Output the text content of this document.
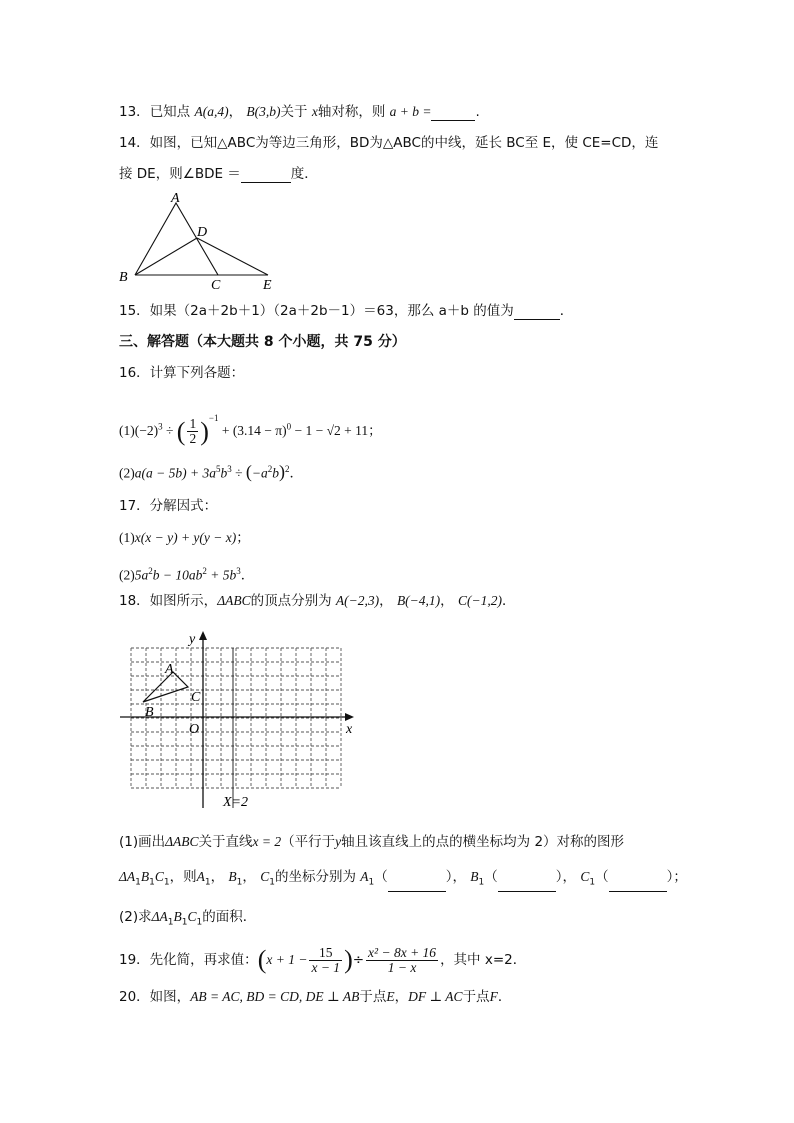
13．已知点 A(a,4)， B(3,b)关于 x轴对称，则 a + b =	.
14．如图，已知△ABC为等边三角形，BD为△ABC的中线，延长 BC至 E，使 CE=CD，连
接 DE，则∠BDE ＝	度．
A
B
C
D
E
15．如果（2a＋2b＋1）（2a＋2b－1）＝63，那么 a＋b 的值为	．
三、解答题（本大题共 8 个小题，共 75 分）
16．计算下列各题：
$(1)(-2)^3$ ÷ ( $\frac{1}{2} )^{-1} + (3.14 - \pi)^0 - 1 - √2 + 11$；
$(2)a(a - 5b) + 3a^5b^3 \div (-a^2b)^2$．
17．分解因式：
(1)x(x − y) + y(y − x)；
$(2)5a^2b - 10ab^2 + 5b^3$．
18．如图所示，ΔABC的顶点分别为 A(−2,3)， B(−4,1)， C(−1,2)．
y
x
O
A
B
C
X=2
(1)画出ΔABC关于直线x = 2（平行于y轴且该直线上的点的横坐标均为 2）对称的图形
$\Delta A_1B_1C_1$，则$A_1$， $B_1$， $C_1$的坐标分别为 $A_1$（	）， $B_1$（	）， $C_1$（	）；
(2)求$\Delta A_1B_1C_1$的面积．
19．先化简，再求值：($x + 1 - \frac{15}{x - 1}$ )÷ $\frac{\text{x² − 8x + 16}}{1 - x}$ ，其中 x=2．
20．如图，AB = AC, BD = CD, DE ⊥ AB于点E，DF ⊥ AC于点F．
